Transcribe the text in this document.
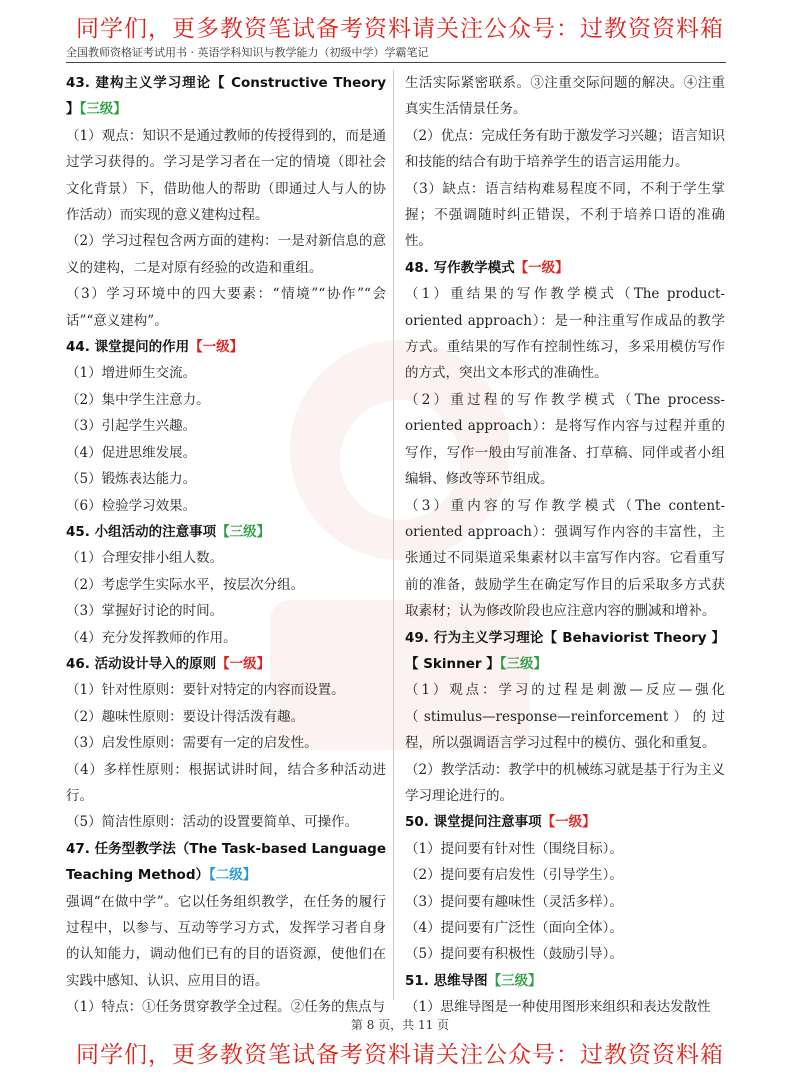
同学们，更多教资笔试备考资料请关注公众号：过教资资料箱
全国教师资格证考试用书 · 英语学科知识与教学能力（初级中学）学霸笔记

43. 建构主义学习理论【 Constructive Theory 】【三级】

（1）观点：知识不是通过教师的传授得到的，而是通过学习获得的。学习是学习者在一定的情境（即社会文化背景）下，借助他人的帮助（即通过人与人的协作活动）而实现的意义建构过程。

（2）学习过程包含两方面的建构：一是对新信息的意义的建构，二是对原有经验的改造和重组。

（3）学习环境中的四大要素：“情境”“协作”“会话”“意义建构”。

44. 课堂提问的作用【一级】

（1）增进师生交流。

（2）集中学生注意力。

（3）引起学生兴趣。

（4）促进思维发展。

（5）锻炼表达能力。

（6）检验学习效果。

45. 小组活动的注意事项【三级】

（1）合理安排小组人数。

（2）考虑学生实际水平，按层次分组。

（3）掌握好讨论的时间。

（4）充分发挥教师的作用。

46. 活动设计导入的原则【一级】

（1）针对性原则：要针对特定的内容而设置。

（2）趣味性原则：要设计得活泼有趣。

（3）启发性原则：需要有一定的启发性。

（4）多样性原则：根据试讲时间，结合多种活动进行。

（5）简洁性原则：活动的设置要简单、可操作。

47. 任务型教学法（The Task-based Language Teaching Method）【二级】

强调“在做中学”。它以任务组织教学，在任务的履行过程中，以参与、互动等学习方式，发挥学习者自身的认知能力，调动他们已有的目的语资源，使他们在实践中感知、认识、应用目的语。

（1）特点：①任务贯穿教学全过程。②任务的焦点与

生活实际紧密联系。③注重交际问题的解决。④注重真实生活情景任务。

（2）优点：完成任务有助于激发学习兴趣；语言知识和技能的结合有助于培养学生的语言运用能力。

（3）缺点：语言结构难易程度不同，不利于学生掌握；不强调随时纠正错误，不利于培养口语的准确性。

48. 写作教学模式【一级】

（1）重结果的写作教学模式（The product-oriented approach）：是一种注重写作成品的教学方式。重结果的写作有控制性练习，多采用模仿写作的方式，突出文本形式的准确性。

（2）重过程的写作教学模式（The process-oriented approach）：是将写作内容与过程并重的写作，写作一般由写前准备、打草稿、同伴或者小组编辑、修改等环节组成。

（3）重内容的写作教学模式（The content-oriented approach）：强调写作内容的丰富性，主张通过不同渠道采集素材以丰富写作内容。它看重写前的准备，鼓励学生在确定写作目的后采取多方式获取素材；认为修改阶段也应注意内容的删减和增补。

49. 行为主义学习理论【 Behaviorist Theory 】【 Skinner 】【三级】

（1）观点：学习的过程是刺激—反应—强化（stimulus—response—reinforcement）的过程，所以强调语言学习过程中的模仿、强化和重复。

（2）教学活动：教学中的机械练习就是基于行为主义学习理论进行的。

50. 课堂提问注意事项【一级】

（1）提问要有针对性（围绕目标）。

（2）提问要有启发性（引导学生）。

（3）提问要有趣味性（灵活多样）。

（4）提问要有广泛性（面向全体）。

（5）提问要有积极性（鼓励引导）。

51. 思维导图【三级】

（1）思维导图是一种使用图形来组织和表达发散性

第 8 页，共 11 页
同学们，更多教资笔试备考资料请关注公众号：过教资资料箱
